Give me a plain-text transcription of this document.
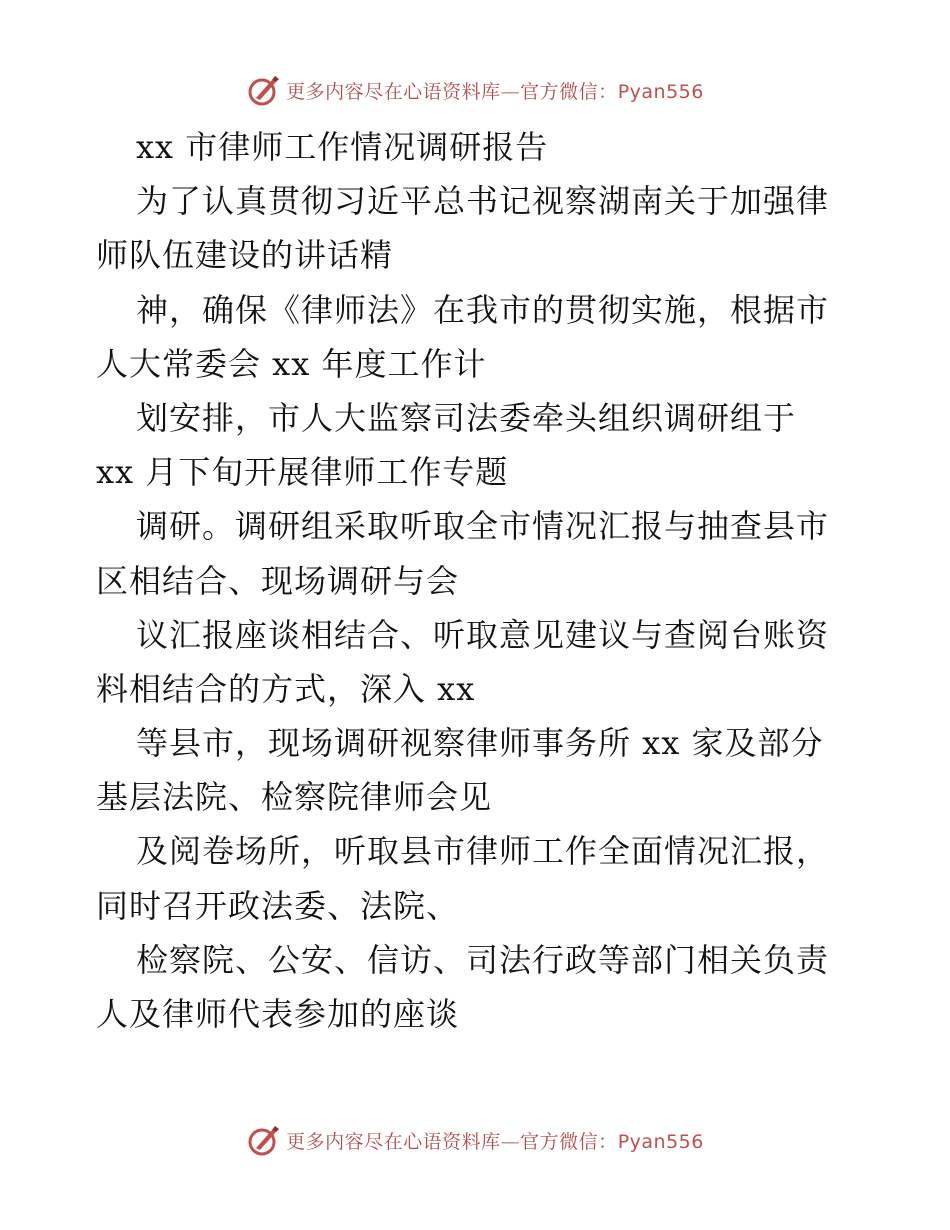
更多内容尽在心语资料库—官方微信：Pyan556
xx 市律师工作情况调研报告
为了认真贯彻习近平总书记视察湖南关于加强律
师队伍建设的讲话精
神，确保《律师法》在我市的贯彻实施，根据市
人大常委会 xx 年度工作计
划安排，市人大监察司法委牵头组织调研组于
xx 月下旬开展律师工作专题
调研。调研组采取听取全市情况汇报与抽查县市
区相结合、现场调研与会
议汇报座谈相结合、听取意见建议与查阅台账资
料相结合的方式，深入 xx
等县市，现场调研视察律师事务所 xx 家及部分
基层法院、检察院律师会见
及阅卷场所，听取县市律师工作全面情况汇报，
同时召开政法委、法院、
检察院、公安、信访、司法行政等部门相关负责
人及律师代表参加的座谈
更多内容尽在心语资料库—官方微信：Pyan556
